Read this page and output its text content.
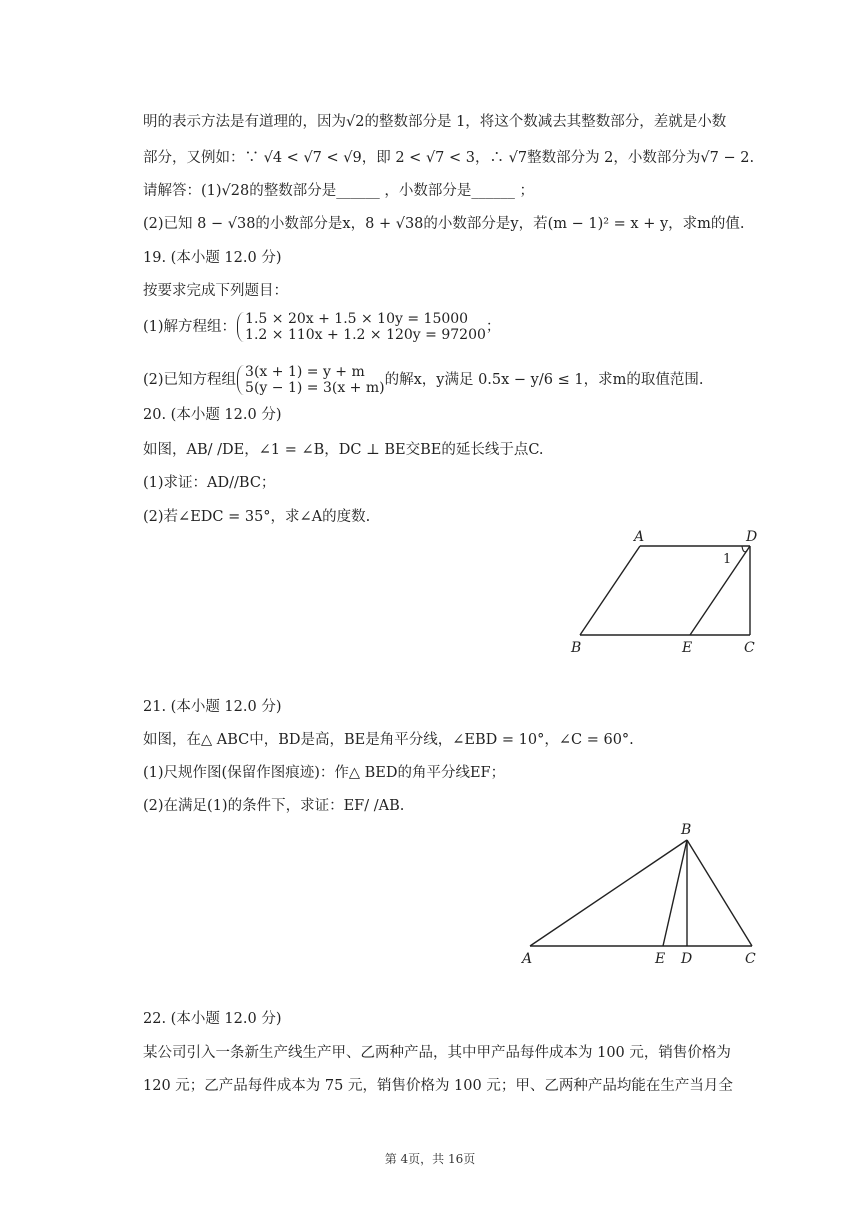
明的表示方法是有道理的，因为√2的整数部分是 1，将这个数减去其整数部分，差就是小数
部分，又例如：∵ √4 < √7 < √9，即 2 < √7 < 3，∴ √7整数部分为 2，小数部分为√7 − 2.
请解答：(1)√28的整数部分是______ ，小数部分是______ ；
(2)已知 8 − √38的小数部分是x，8 + √38的小数部分是y，若(m − 1)² = x + y，求m的值.
19. (本小题 12.0 分)
按要求完成下列题目：
(1)解方程组： 1.5 × 20x + 1.5 × 10y = 15000
1.2 × 110x + 1.2 × 120y = 97200 ；
(2)已知方程组 3(x + 1) = y + m
5(y − 1) = 3(x + m) 的解x，y满足 0.5x − y/6 ≤ 1，求m的取值范围.
20. (本小题 12.0 分)
如图，AB/ /DE，∠1 = ∠B，DC ⊥ BE交BE的延长线于点C.
(1)求证：AD//BC；
(2)若∠EDC = 35°，求∠A的度数.
A	D
B	E	C
1
21. (本小题 12.0 分)
如图，在△ ABC中，BD是高，BE是角平分线，∠EBD = 10°，∠C = 60°.
(1)尺规作图(保留作图痕迹)：作△ BED的角平分线EF；
(2)在满足(1)的条件下，求证：EF/ /AB.
B
A	E D	C
22. (本小题 12.0 分)
某公司引入一条新生产线生产甲、乙两种产品，其中甲产品每件成本为 100 元，销售价格为
120 元；乙产品每件成本为 75 元，销售价格为 100 元；甲、乙两种产品均能在生产当月全
第 4页，共 16页
